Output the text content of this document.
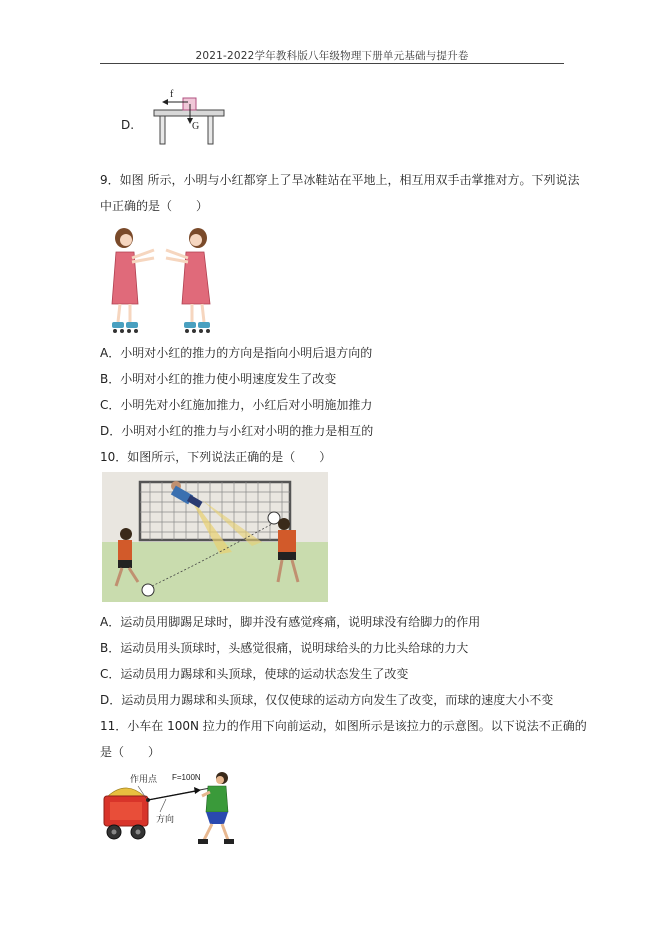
2021-2022学年教科版八年级物理下册单元基础与提升卷
D.
f
G
9．如图 所示，小明与小红都穿上了旱冰鞋站在平地上，相互用双手击掌推对方。下列说法
中正确的是（　　）
A．小明对小红的推力的方向是指向小明后退方向的
B．小明对小红的推力使小明速度发生了改变
C．小明先对小红施加推力，小红后对小明施加推力
D．小明对小红的推力与小红对小明的推力是相互的
10．如图所示，下列说法正确的是（　　）
A．运动员用脚踢足球时，脚并没有感觉疼痛，说明球没有给脚力的作用
B．运动员用头顶球时，头感觉很痛，说明球给头的力比头给球的力大
C．运动员用力踢球和头顶球，使球的运动状态发生了改变
D．运动员用力踢球和头顶球，仅仅使球的运动方向发生了改变，而球的速度大小不变
11．小车在 100N 拉力的作用下向前运动，如图所示是该拉力的示意图。以下说法不正确的
是（　　）
作用点 F=100N
方向
